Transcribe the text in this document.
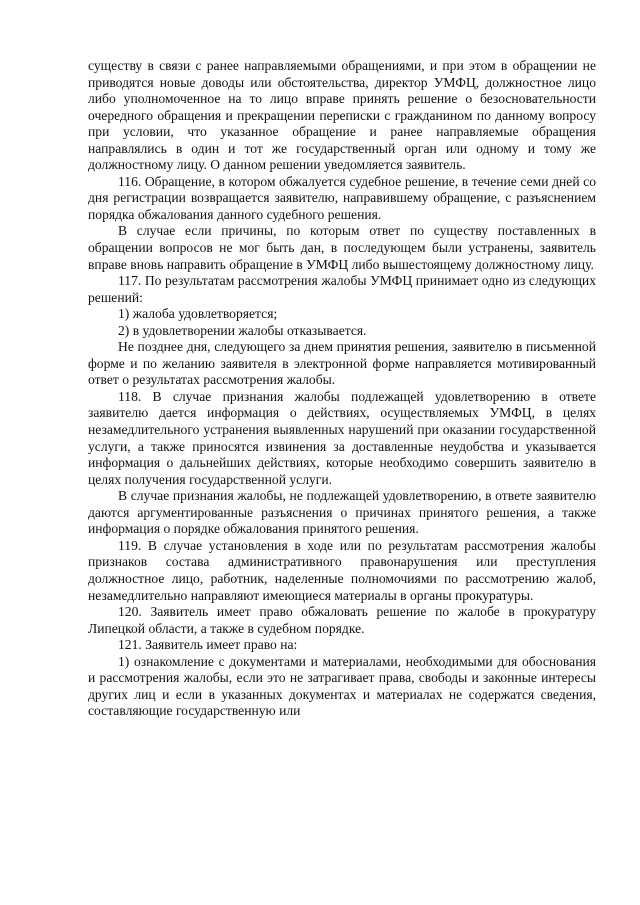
существу в связи с ранее направляемыми обращениями, и при этом в обращении не приводятся новые доводы или обстоятельства, директор УМФЦ, должностное лицо либо уполномоченное на то лицо вправе принять решение о безосновательности очередного обращения и прекращении переписки с гражданином по данному вопросу при условии, что указанное обращение и ранее направляемые обращения направлялись в один и тот же государственный орган или одному и тому же должностному лицу. О данном решении уведомляется заявитель.

116. Обращение, в котором обжалуется судебное решение, в течение семи дней со дня регистрации возвращается заявителю, направившему обращение, с разъяснением порядка обжалования данного судебного решения.

В случае если причины, по которым ответ по существу поставленных в обращении вопросов не мог быть дан, в последующем были устранены, заявитель вправе вновь направить обращение в УМФЦ либо вышестоящему должностному лицу.

117. По результатам рассмотрения жалобы УМФЦ принимает одно из следующих решений:

1) жалоба удовлетворяется;

2) в удовлетворении жалобы отказывается.

Не позднее дня, следующего за днем принятия решения, заявителю в письменной форме и по желанию заявителя в электронной форме направляется мотивированный ответ о результатах рассмотрения жалобы.

118. В случае признания жалобы подлежащей удовлетворению в ответе заявителю дается информация о действиях, осуществляемых УМФЦ, в целях незамедлительного устранения выявленных нарушений при оказании государственной услуги, а также приносятся извинения за доставленные неудобства и указывается информация о дальнейших действиях, которые необходимо совершить заявителю в целях получения государственной услуги.

В случае признания жалобы, не подлежащей удовлетворению, в ответе заявителю даются аргументированные разъяснения о причинах принятого решения, а также информация о порядке обжалования принятого решения.

119. В случае установления в ходе или по результатам рассмотрения жалобы признаков состава административного правонарушения или преступления должностное лицо, работник, наделенные полномочиями по рассмотрению жалоб, незамедлительно направляют имеющиеся материалы в органы прокуратуры.

120. Заявитель имеет право обжаловать решение по жалобе в прокуратуру Липецкой области, а также в судебном порядке.

121. Заявитель имеет право на:

1) ознакомление с документами и материалами, необходимыми для обоснования и рассмотрения жалобы, если это не затрагивает права, свободы и законные интересы других лиц и если в указанных документах и материалах не содержатся сведения, составляющие государственную или
